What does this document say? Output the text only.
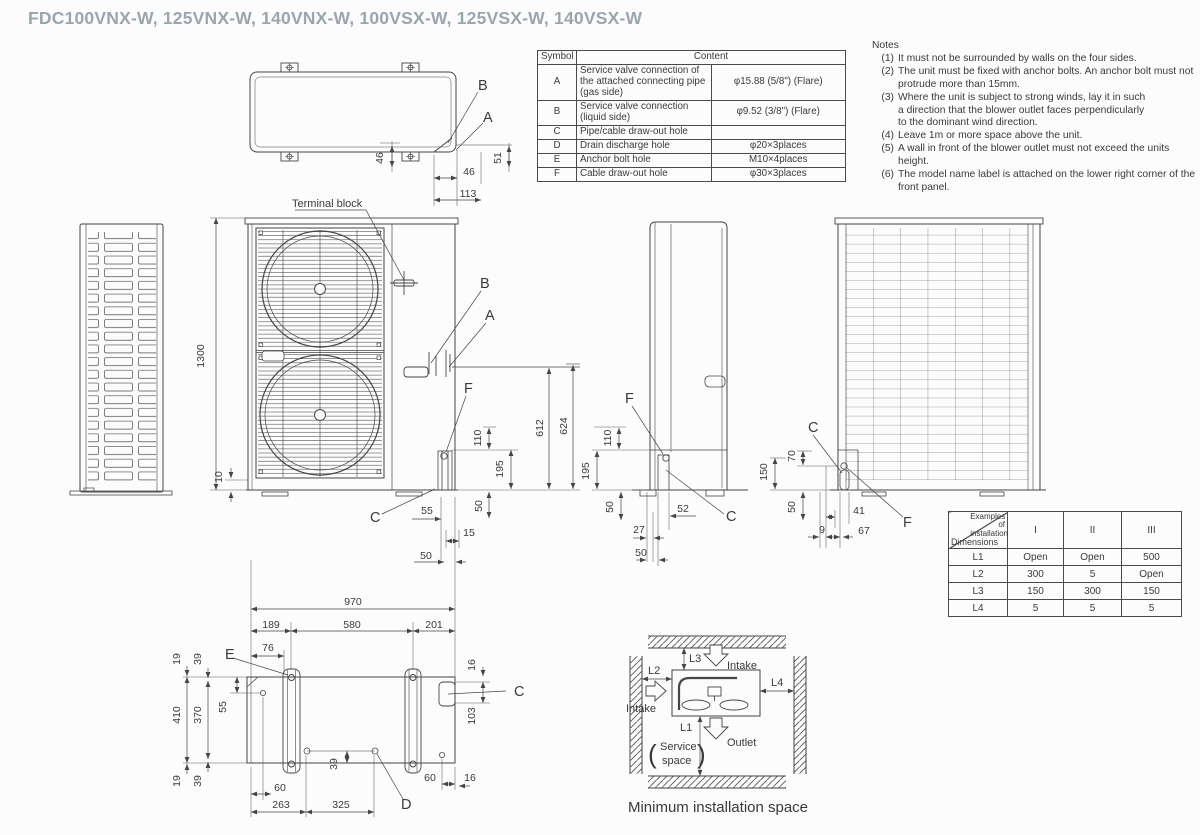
FDC100VNX-W, 125VNX-W, 140VNX-W, 100VSX-W, 125VSX-W, 140VSX-W
B
A
46
46
113
51
1300
10
Terminal block
B
A
F
C
110
195
612 624
55	50
15
50
970
F
C
110
195
50
27
50
52
C
F
70
150
50
9
41
67
E
C
D
189	580	201
76
19 39
16
55
410 370	103
19 39
39
60
263	325
60	16
L2
L3
L4
L1
Intake
Intake
Outlet
( Service
space )
Minimum installation space
Symbol	Content	
A	Service valve connection of the attached connecting pipe (gas side)	φ15.88 (5/8") (Flare)
B	Service valve connection (liquid side)	φ9.52 (3/8") (Flare)
C	Pipe/cable draw-out hole	
D	Drain discharge hole	φ20×3places
E	Anchor bolt hole	M10×4places
F	Cable draw-out hole	φ30×3places
Notes
(1) It must not be surrounded by walls on the four sides.
(2) The unit must be fixed with anchor bolts. An anchor bolt must not
protrude more than 15mm.
(3) Where the unit is subject to strong winds, lay it in such
a direction that the blower outlet faces perpendicularly
to the dominant wind direction.
(4) Leave 1m or more space above the unit.
(5) A wall in front of the blower outlet must not exceed the units height.
(6) The model name label is attached on the lower right corner of the front panel.
Examples of installation
Dimensions	I	II	III
L1	Open	Open	500
L2	300	5	Open
L3	150	300	150
L4	5	5	5
